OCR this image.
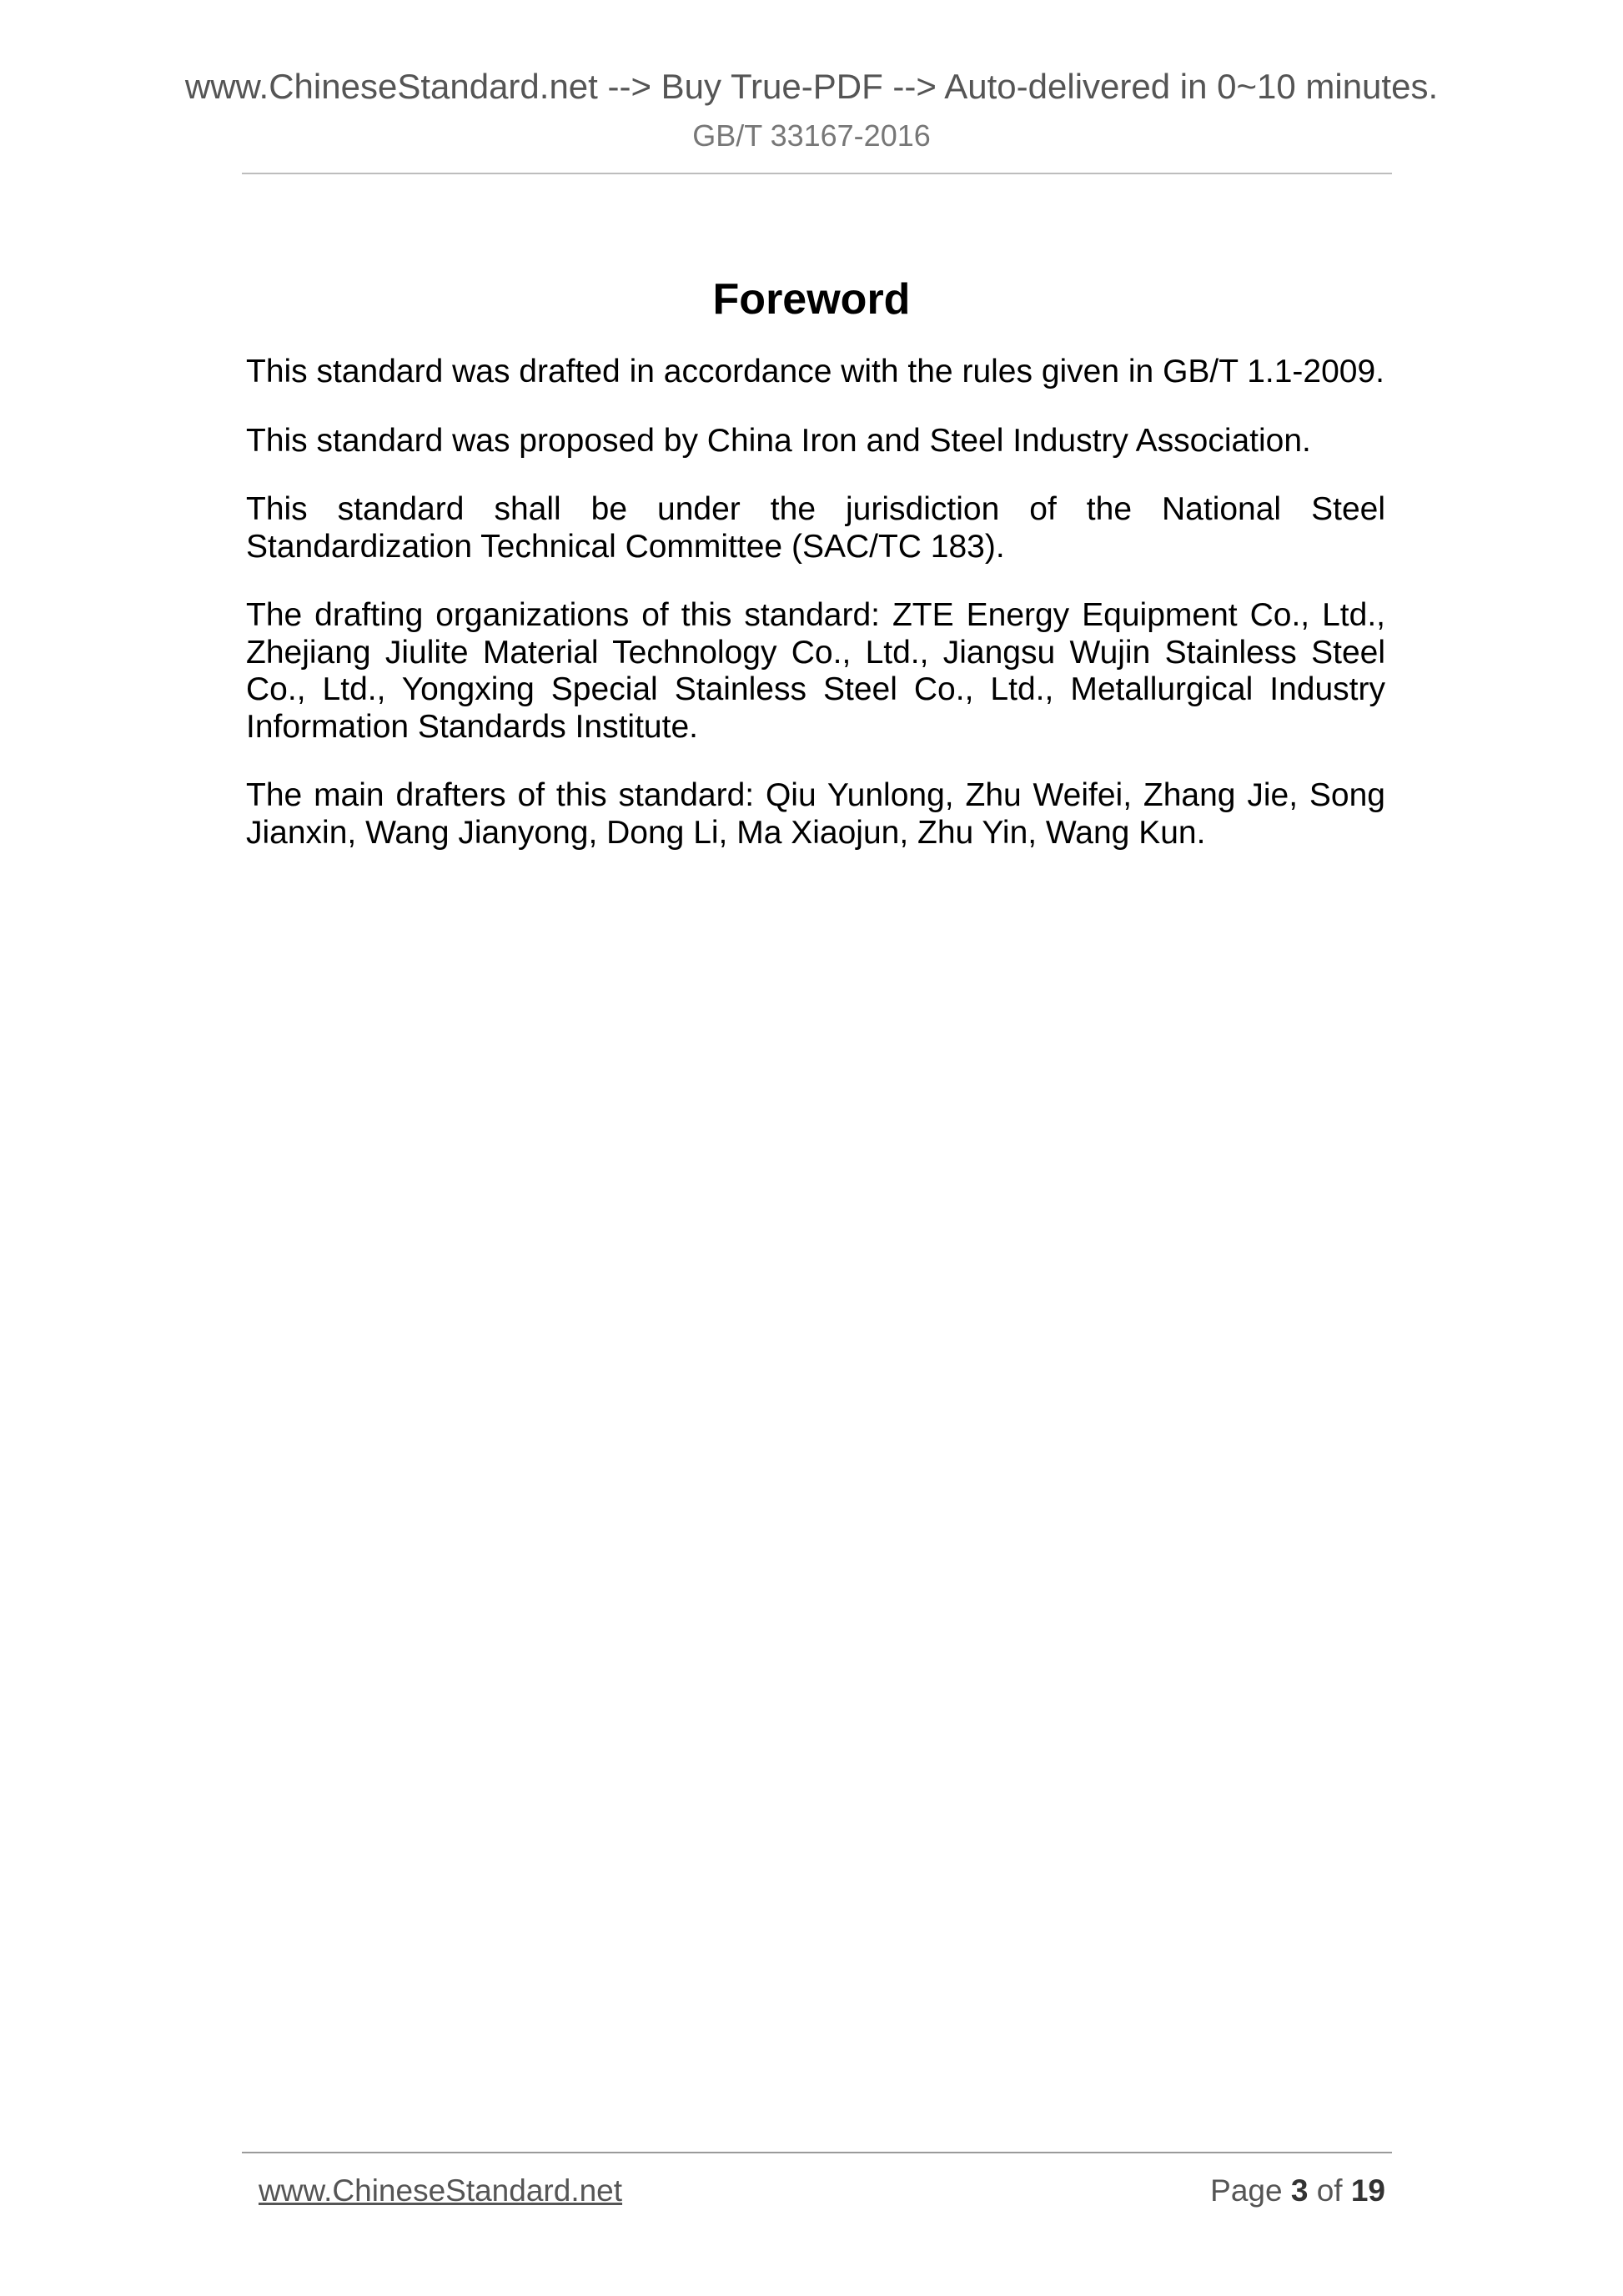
www.ChineseStandard.net --> Buy True-PDF --> Auto-delivered in 0~10 minutes.
GB/T 33167-2016
Foreword

This standard was drafted in accordance with the rules given in GB/T 1.1-2009.

This standard was proposed by China Iron and Steel Industry Association.

This standard shall be under the jurisdiction of the National Steel Standardization Technical Committee (SAC/TC 183).

The drafting organizations of this standard: ZTE Energy Equipment Co., Ltd., Zhejiang Jiulite Material Technology Co., Ltd., Jiangsu Wujin Stainless Steel Co., Ltd., Yongxing Special Stainless Steel Co., Ltd., Metallurgical Industry Information Standards Institute.

The main drafters of this standard: Qiu Yunlong, Zhu Weifei, Zhang Jie, Song Jianxin, Wang Jianyong, Dong Li, Ma Xiaojun, Zhu Yin, Wang Kun.

www.ChineseStandard.net	Page 3 of 19
